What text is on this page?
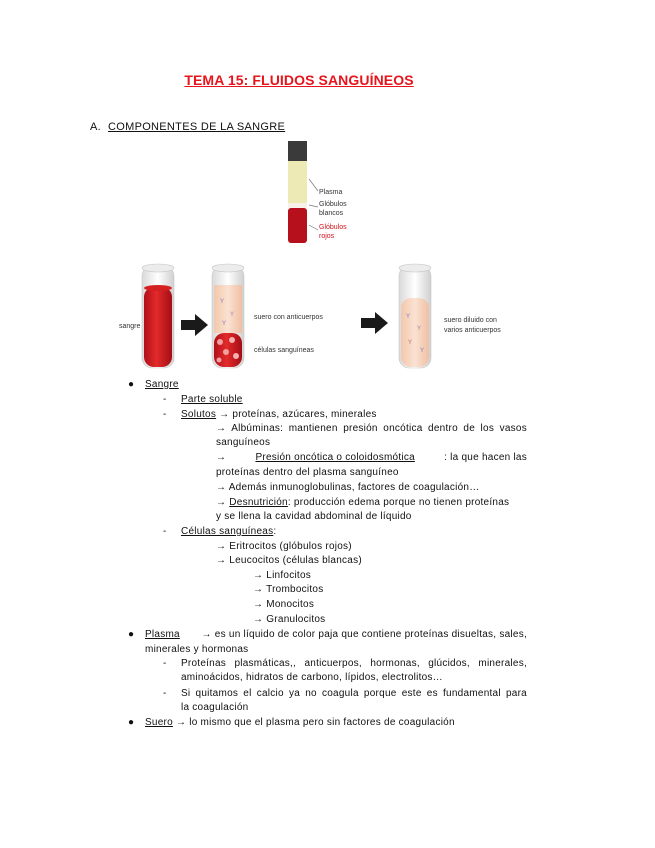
TEMA 15: FLUIDOS SANGUÍNEOS
A. COMPONENTES DE LA SANGRE
Plasma
Glóbulos
blancos
Glóbulos
rojos
sangre
Y
Y
Y
suero con anticuerpos
células sanguíneas
Y
Y
Y
Y
suero diluido con
varios anticuerpos
● Sangre
- Parte soluble
- Solutos → proteínas, azúcares, minerales
→ Albúminas: mantienen presión oncótica dentro de los vasos
sanguíneos
→	Presión oncótica o coloidosmótica	: la que hacen las
proteínas dentro del plasma sanguíneo
→ Además inmunoglobulinas, factores de coagulación…
→ Desnutrición: producción edema porque no tienen proteínas
y se llena la cavidad abdominal de líquido
- Células sanguíneas:
→ Eritrocitos (glóbulos rojos)
→ Leucocitos (células blancas)
→ Linfocitos
→ Trombocitos
→ Monocitos
→ Granulocitos
● Plasma → es un líquido de color paja que contiene proteínas disueltas, sales,
minerales y hormonas
- Proteínas plasmáticas,, anticuerpos, hormonas, glúcidos, minerales,
aminoácidos, hidratos de carbono, lípidos, electrolitos…
- Si quitamos el calcio ya no coagula porque este es fundamental para
la coagulación
● Suero → lo mismo que el plasma pero sin factores de coagulación
